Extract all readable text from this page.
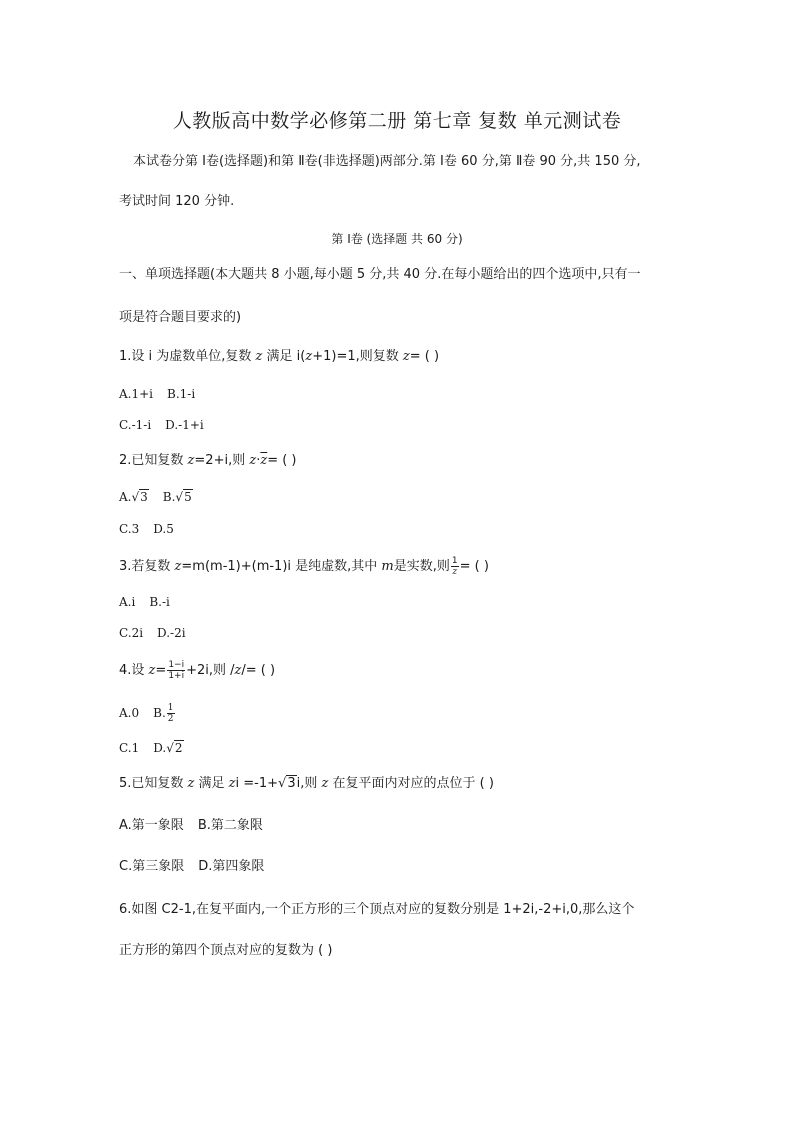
人教版高中数学必修第二册 第七章 复数 单元测试卷
本试卷分第 Ⅰ卷(选择题)和第 Ⅱ卷(非选择题)两部分.第 Ⅰ卷 60 分,第 Ⅱ卷 90 分,共 150 分,
考试时间 120 分钟.
第 Ⅰ卷 (选择题 共 60 分)
一、单项选择题(本大题共 8 小题,每小题 5 分,共 40 分.在每小题给出的四个选项中,只有一
项是符合题目要求的)
1.设 i 为虚数单位,复数 z 满足 i(z+1)=1,则复数 z= ( )
A.1+i B.1-i
C.-1-i D.-1+i
2.已知复数 z=2+i,则 $z\cdot\overline{z}=$ ( )
A.√3 B.√5
C.3 D.5
3.若复数 z=m(m-1)+(m-1)i 是纯虚数,其中 m是实数,则 $\frac{1}{z}$ = ( )
A.i B.-i
C.2i D.-2i
4.设 $z= \frac{1-i}{1+i} +2i$,则 /z/= ( )
A.0 B. $\frac{1}{2}$
C.1 D.√2
5.已知复数 z 满足 zi =-1+√3i,则 z 在复平面内对应的点位于 ( )
A.第一象限 B.第二象限
C.第三象限 D.第四象限
6.如图 C2-1,在复平面内,一个正方形的三个顶点对应的复数分别是 1+2i,-2+i,0,那么这个
正方形的第四个顶点对应的复数为 ( )
